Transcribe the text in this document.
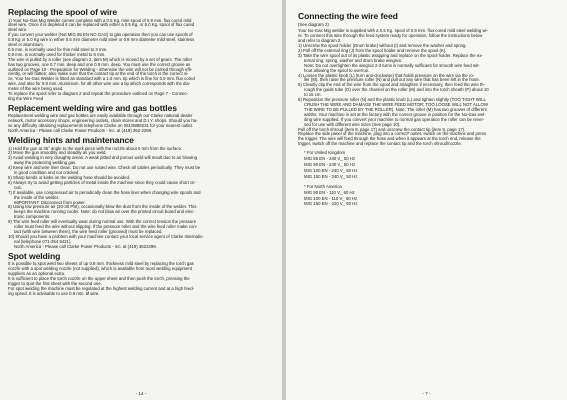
Replacing the spool of wire

1) Your No-Gas Mig Welder comes complete with a 0.5 Kg. mini-spool of 0.9 mm. flux cored mild

steel wire. Once it is depleted it can be replaced with either a 0.5 Kg. or 5.0 Kg. spool of flux cored

steel wire.

If you convert your welder (Not MIG 85 EN NO GAS) to gas operation then you can use spools of

0.8 Kg or 5.0 Kg wire in either 0.6 mm diameter mild steel or 0.8 mm diameter mild steel, stainless

steel or aluminium.

0.6 mm. is normally used for thin mild steel to 3 mm.

0.8 mm. is normally used for thicker metal to 6 mm.

The wire is pulled by a roller (see diagram 2, item M) which is moved by a set of gears. The roller

has two grooves, one 0.7 mm. deep and one 0.9 mm. deep. You must use the correct groove as

outlined on Page 10 - Preparation for Welding - otherwise the wire will not be carried through effi-

ciently, or will flatten; also make sure that the contact tip at the end of the torch is the correct si-

ze. Your No-Gas Welder is fitted as standard with a 1.0 mm. tip which is fine for 0.9 mm. flux cored

wire, and also for 0.8 mm. Aluminium. for all other wire use a tip which corresponds with the dia-

meter of the wire being used.

To replace the spool refer to diagram 2 and repeat the procedure outlined on Page 7 - Connec-

ting the Wire Feed

Replacement welding wire and gas bottles

Replacement welding wire and gas bottles are easily available through our Clarke national dealer

network, motor accessory shops, engineering outlets, chain stores and D.I.Y. shops. Should you ha-

ve any difficulty obtaining replacements telephone Clarke on 081/9888231 for your nearest outlet.

North America - Please call Clarke Power Products - Inc. at (419) 352-2299.

Welding hints and maintenance

1) Hold the gun at 45° angle to the work piece with the nozzle about 6 mm from the surface.

2) Move the gun smoothly and steadily as you weld.

3) Avoid welding in very draughty areas. A weak pitted and porous weld will result due to air blowing

away the protecting welding gas.

4) Keep wire and wire liner clean. Do not use rusted wire. Check all cables periodically. They must be

in good condition and not cracked.

5) Sharp bends or kinks on the welding hose should be avoided.

6) Always try to avoid getting particles of metal inside the machine since they could cause short cir-

cuit.

7) If available, use compressed air to periodically clean the hose liner when changing wire spools and

the inside of the welder.

IMPORTANT: Disconnect from power.

8) Using low pressure air (20-30 PSI), occasionally blow the dust from the inside of the welder. This

keeps the machine running cooler. Note: do not blow air over the printed circuit board and elec-

tronic components.

9) The wire feed roller will eventually wear during normal use. With the correct tension the pressure

roller must feed the wire without slipping. If the pressure roller and the wire feed roller make con-

tact (with wire between them), the wire feed roller (grooved) must be replaced.

10) Should you have a problem with your machine contact your local service agent of Clarke Internatio-

nal (telephone 071-254 9421).

North America - Please call Clarke Power Products - Inc. at (419) 3522299.

Spot welding

It is possible to spot weld two sheets of up 0.8 mm. thickness mild steel by replacing the torch gas

nozzle with a spot welding nozzle (not supplied), which is available from most welding equipment

suppliers as an optional extra.

It is sufficient to place the torch nozzle on the upper sheet and then push the torch, pressing the

trigger to spot the first sheet with the second one.

For spot welding the machine must be regulated at the highest welding current and at a high feed-

ing speed. It is advisable to use 0.8 mm. Ø wire.

- 14 -
Connecting the wire feed

(See diagram 2)

Your No-Gas Mig welder is supplied with a 0.5 Kg. spool of 0.9 mm. flux cored mild steel welding wi-

re. To connect this wire through the feed system ready for operation, follow the instructions below

and refer to diagram 2.

1) Unscrew the spool holder (Drum brake) without (I) and remove the washer and spring.

2) Pull off the external ring (J) from the spool holder and remove the spool (K).

3) Take the wire spool out of its plastic wrapping and replace on the spool holder. Replace the ex-

ternal ring, spring, washer and drum brake wingnut.

Note: Do not overtighten the wingnut 2-3 turns is normally sufficient for smooth wire feed wit-

hout allowing the spool to overrun.

4) Loosen the plastic knob (L) (turn anti-clockwise) that holds pressure on the wire via the ro-

ller (M), then raise the pressure roller (N) and pull out any wire that has been left in the hose.

5) Cleanly clip the end of the wire from the spool and straighten if necessary, then feed the wire th-

rough the guide tube (O) over the channel on the roller (M) and into the torch sheath (P) about 10

to 15 cm.

6) Reposition the pressure roller (N) and the plastic knob (L) and tighten slightly (TOO TIGHT WILL

CRUSH THE WIRE AND DAMAGE THE WIRE FEED MOTOR; TOO LOOSE WILL NOT ALLOW

THE WIRE TO BE PULLED BY THE ROLLER). Note: The roller (M) has two grooves of different

widths. Your machine is set at the factory with the correct groove in position for the No-Gas wel-

ding wire supplied. If you convert your machine to normal gas operation the roller can be rever-

sed for use with different wire sizes (See page 10).

Pull off the torch shroud (item 8, page 17) and unscrew the contact tip (item 9, page 17).

Replace the side panel of the machine, plug into a correct* outlet, switch on the machine and press

the trigger. The wire will feed through the hose and when it appears at the torch end, release the

trigger, switch off the machine and replace the contact tip and the torch shroud/nozzle.

* For United Kingdom

MIG 85 EN - 240 V_ 50 Hz

MIG 90 EN - 240 V_ 50 Hz

MIG 100 EN - 240 V_ 50 Hz

MIG 150 EN - 240 V_ 50 Hz

* For North America

MIG 90 EN - 110 V_ 60 Hz

MIG 100 EN - 110 V_ 60 Hz

MIG 150 EN - 220 V_ 60 Hz

- 7 -
